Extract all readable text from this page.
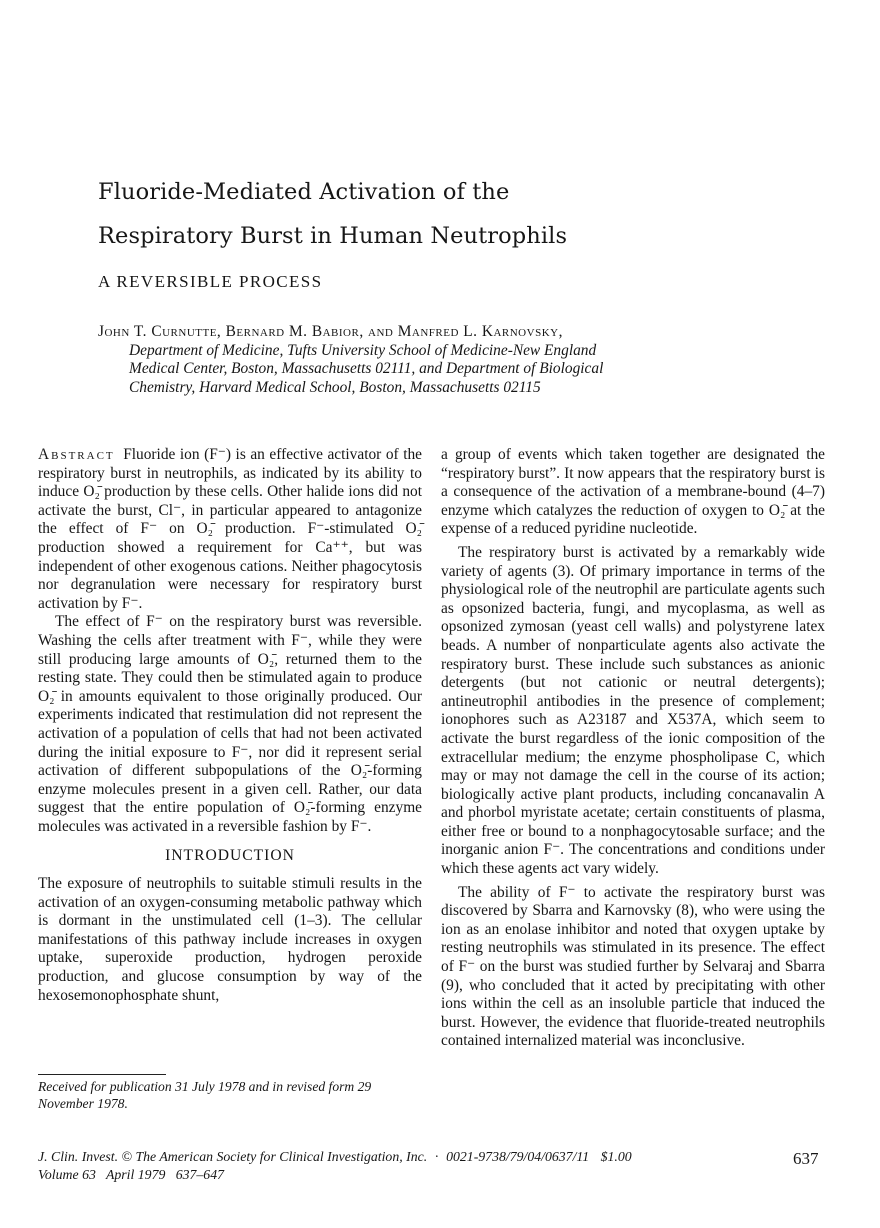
Fluoride-Mediated Activation of the
Respiratory Burst in Human Neutrophils
A REVERSIBLE PROCESS
John T. Curnutte, Bernard M. Babior, and Manfred L. Karnovsky,
Department of Medicine, Tufts University School of Medicine-New England
Medical Center, Boston, Massachusetts 02111, and Department of Biological
Chemistry, Harvard Medical School, Boston, Massachusetts 02115

Abstract Fluoride ion (F⁻) is an effective activator of the respiratory burst in neutrophils, as indicated by its ability to induce O₂̄ production by these cells. Other halide ions did not activate the burst, Cl⁻, in particular appeared to antagonize the effect of F⁻ on O₂̄ production. F⁻-stimulated O₂̄ production showed a requirement for Ca⁺⁺, but was independent of other exogenous cations. Neither phagocytosis nor degranulation were necessary for respiratory burst activation by F⁻.

The effect of F⁻ on the respiratory burst was reversible. Washing the cells after treatment with F⁻, while they were still producing large amounts of O₂̄, returned them to the resting state. They could then be stimulated again to produce O₂̄ in amounts equivalent to those originally produced. Our experiments indicated that restimulation did not represent the activation of a population of cells that had not been activated during the initial exposure to F⁻, nor did it represent serial activation of different subpopulations of the O₂̄-forming enzyme molecules present in a given cell. Rather, our data suggest that the entire population of O₂̄-forming enzyme molecules was activated in a reversible fashion by F⁻.

INTRODUCTION

The exposure of neutrophils to suitable stimuli results in the activation of an oxygen-consuming metabolic pathway which is dormant in the unstimulated cell (1–3). The cellular manifestations of this pathway include increases in oxygen uptake, superoxide production, hydrogen peroxide production, and glucose consumption by way of the hexosemonophosphate shunt,

a group of events which taken together are designated the “respiratory burst”. It now appears that the respiratory burst is a consequence of the activation of a membrane-bound (4–7) enzyme which catalyzes the reduction of oxygen to O₂̄ at the expense of a reduced pyridine nucleotide.

The respiratory burst is activated by a remarkably wide variety of agents (3). Of primary importance in terms of the physiological role of the neutrophil are particulate agents such as opsonized bacteria, fungi, and mycoplasma, as well as opsonized zymosan (yeast cell walls) and polystyrene latex beads. A number of nonparticulate agents also activate the respiratory burst. These include such substances as anionic detergents (but not cationic or neutral detergents); antineutrophil antibodies in the presence of complement; ionophores such as A23187 and X537A, which seem to activate the burst regardless of the ionic composition of the extracellular medium; the enzyme phospholipase C, which may or may not damage the cell in the course of its action; biologically active plant products, including concanavalin A and phorbol myristate acetate; certain constituents of plasma, either free or bound to a nonphagocytosable surface; and the inorganic anion F⁻. The concentrations and conditions under which these agents act vary widely.

The ability of F⁻ to activate the respiratory burst was discovered by Sbarra and Karnovsky (8), who were using the ion as an enolase inhibitor and noted that oxygen uptake by resting neutrophils was stimulated in its presence. The effect of F⁻ on the burst was studied further by Selvaraj and Sbarra (9), who concluded that it acted by precipitating with other ions within the cell as an insoluble particle that induced the burst. However, the evidence that fluoride-treated neutrophils contained internalized material was inconclusive.

Received for publication 31 July 1978 and in revised form 29 November 1978.
J. Clin. Invest. © The American Society for Clinical Investigation, Inc. · 0021-9738/79/04/0637/11 $1.00
Volume 63   April 1979   637–647
637
